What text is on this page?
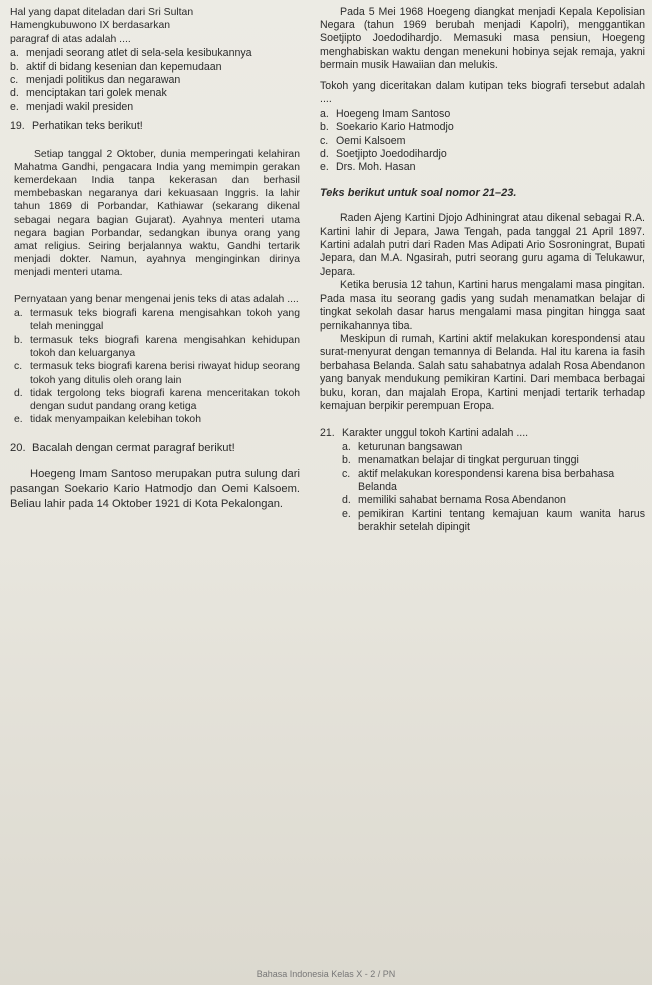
Hal yang dapat diteladan dari Sri Sultan

Hamengkubuwono IX berdasarkan

paragraf di atas adalah ....

a. menjadi seorang atlet di sela-sela kesibukannya
b. aktif di bidang kesenian dan kepemudaan
c. menjadi politikus dan negarawan
d. menciptakan tari golek menak
e. menjadi wakil presiden

19. Perhatikan teks berikut!

Setiap tanggal 2 Oktober, dunia memperingati kelahiran Mahatma Gandhi, pengacara India yang memimpin gerakan kemerdekaan India tanpa kekerasan dan berhasil membebaskan negaranya dari kekuasaan Inggris. Ia lahir tahun 1869 di Porbandar, Kathiawar (sekarang dikenal sebagai negara bagian Gujarat). Ayahnya menteri utama negara bagian Porbandar, sedangkan ibunya orang yang amat religius. Seiring berjalannya waktu, Gandhi tertarik menjadi dokter. Namun, ayahnya menginginkan dirinya menjadi menteri utama.

Pernyataan yang benar mengenai jenis teks di atas adalah ....

a. termasuk teks biografi karena mengisahkan tokoh yang telah meninggal
b. termasuk teks biografi karena mengisahkan kehidupan tokoh dan keluarganya
c. termasuk teks biografi karena berisi riwayat hidup seorang tokoh yang ditulis oleh orang lain
d. tidak tergolong teks biografi karena menceritakan tokoh dengan sudut pandang orang ketiga
e. tidak menyampaikan kelebihan tokoh

20. Bacalah dengan cermat paragraf berikut!

Hoegeng Imam Santoso merupakan putra sulung dari pasangan Soekario Kario Hatmodjo dan Oemi Kalsoem. Beliau lahir pada 14 Oktober 1921 di Kota Pekalongan.

Pada 5 Mei 1968 Hoegeng diangkat menjadi Kepala Kepolisian Negara (tahun 1969 berubah menjadi Kapolri), menggantikan Soetjipto Joedodihardjo. Memasuki masa pensiun, Hoegeng menghabiskan waktu dengan menekuni hobinya sejak remaja, yakni bermain musik Hawaiian dan melukis.

Tokoh yang diceritakan dalam kutipan teks biografi tersebut adalah ....

a. Hoegeng Imam Santoso
b. Soekario Kario Hatmodjo
c. Oemi Kalsoem
d. Soetjipto Joedodihardjo
e. Drs. Moh. Hasan

Teks berikut untuk soal nomor 21–23.

Raden Ajeng Kartini Djojo Adhiningrat atau dikenal sebagai R.A. Kartini lahir di Jepara, Jawa Tengah, pada tanggal 21 April 1897. Kartini adalah putri dari Raden Mas Adipati Ario Sosroningrat, Bupati Jepara, dan M.A. Ngasirah, putri seorang guru agama di Telukawur, Jepara.

Ketika berusia 12 tahun, Kartini harus mengalami masa pingitan. Pada masa itu seorang gadis yang sudah menamatkan belajar di tingkat sekolah dasar harus mengalami masa pingitan hingga saat pernikahannya tiba.

Meskipun di rumah, Kartini aktif melakukan korespondensi atau surat-menyurat dengan temannya di Belanda. Hal itu karena ia fasih berbahasa Belanda. Salah satu sahabatnya adalah Rosa Abendanon yang banyak mendukung pemikiran Kartini. Dari membaca berbagai buku, koran, dan majalah Eropa, Kartini menjadi tertarik terhadap kemajuan berpikir perempuan Eropa.

21. Karakter unggul tokoh Kartini adalah ....

a. keturunan bangsawan
b. menamatkan belajar di tingkat perguruan tinggi
c. aktif melakukan korespondensi karena bisa berbahasa Belanda
d. memiliki sahabat bernama Rosa Abendanon
e. pemikiran Kartini tentang kemajuan kaum wanita harus berakhir setelah dipingit
Bahasa Indonesia Kelas X - 2 / PN
